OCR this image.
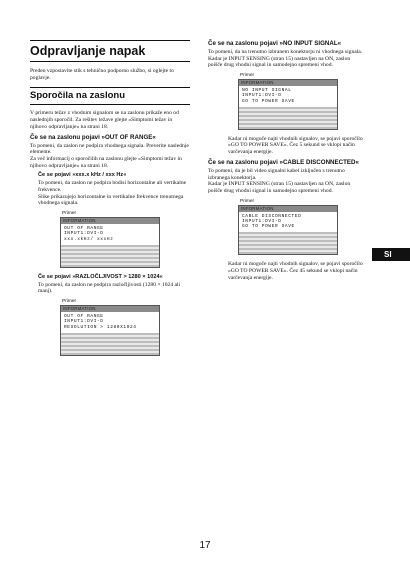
Odpravljanje napak
Preden vzpostavite stik s tehnično podporno službo, si oglejte to poglavje.
Sporočila na zaslonu
V primeru težav z vhodnim signalom se na zaslonu prikaže eno od naslednjih sporočil. Za rešitev težave glejte »Simptomi težav in njihovo odpravljanje« na strani 18.
Če se na zaslonu pojavi »OUT OF RANGE«
To pomeni, da zaslon ne podpira vhodnega signala. Preverite naslednje elemente.
Za več informacij o sporočilih na zaslonu glejte »Simptomi težav in njihovo odpravljanje« na strani 18.
Če se pojavi »xxx.x kHz / xxx Hz«
To pomeni, da zaslon ne podpira bodisi horizontalne ali vertikalne frekvence.
Slike prikazujejo horizontalne in vertikalne frekvence trenutnega vhodnega signala.
Primer
INFORMATION
OUT OF RANGE
INPUT1:DVI-D
xxx.xkHz/ xxxHz
Če se pojavi »RAZLOČLJIVOST > 1280 × 1024«
To pomeni, da zaslon ne podpira razločljivosti (1280 × 1024 ali manj).
Primer
INFORMATION
OUT OF RANGE
INPUT1:DVI-D
RESOLUTION > 1280X1024
Če se na zaslonu pojavi »NO INPUT SIGNAL«
To pomeni, da na trenutno izbranem konektorju ni vhodnega signala.
Kadar je INPUT SENSING (stran 15) nastavljen na ON, zaslon poišče drug vhodni signal in samodejno spremeni vhod.
Primer
INFORMATION
NO INPUT SIGNAL
INPUT1:DVI-D
GO TO POWER SAVE
Kadar ni mogoče najti vhodnih signalov, se pojavi sporočilo »GO TO POWER SAVE«. Čez 5 sekund se vklopi način varčevanja energije.
Če se na zaslonu pojavi »CABLE DISCONNECTED«
To pomeni, da je bil video signalni kabel izključen s trenutno izbranega konektorja.
Kadar je INPUT SENSING (stran 15) nastavljen na ON, zaslon poišče drug vhodni signal in samodejno spremeni vhod.
Primer
INFORMATION
CABLE DISCONNECTED
INPUT1:DVI-D
GO TO POWER SAVE
Kadar ni mogoče najti vhodnih signalov, se pojavi sporočilo »GO TO POWER SAVE«. Čez 45 sekund se vklopi način varčevanja energije.
SI
17
